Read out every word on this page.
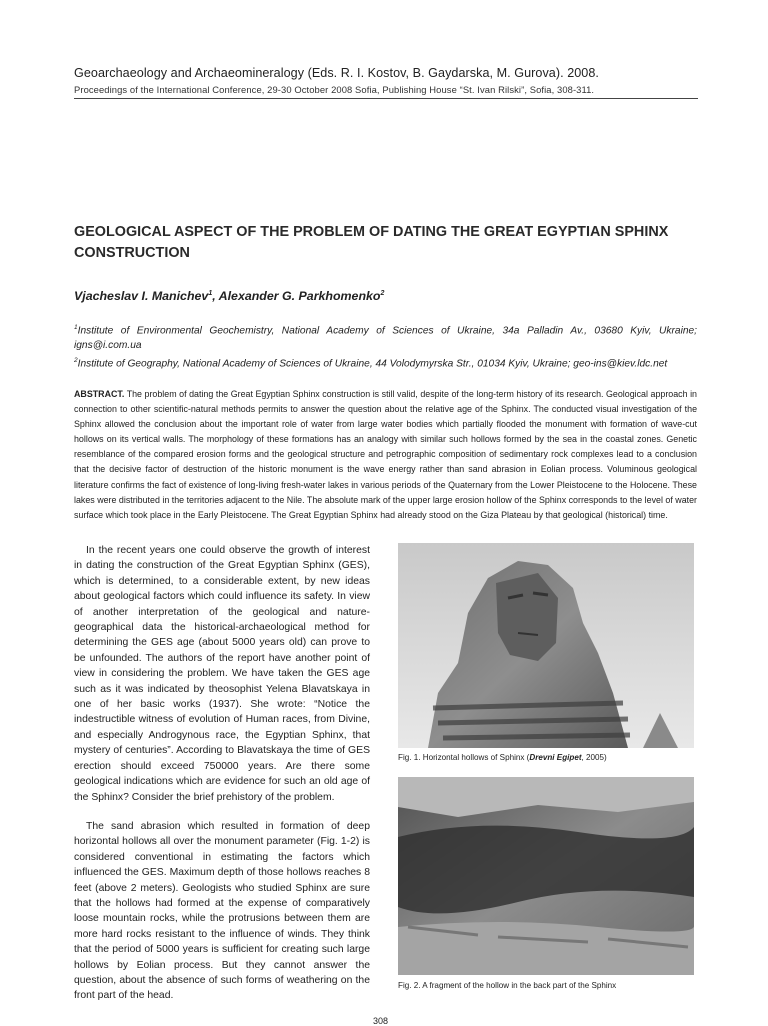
Geoarchaeology and Archaeomineralogy (Eds. R. I. Kostov, B. Gaydarska, M. Gurova). 2008.
Proceedings of the International Conference, 29-30 October 2008 Sofia, Publishing House “St. Ivan Rilski”, Sofia, 308-311.
GEOLOGICAL ASPECT OF THE PROBLEM OF DATING THE GREAT EGYPTIAN SPHINX CONSTRUCTION
Vjacheslav I. Manichev$^1$, Alexander G. Parkhomenko$^2$
$^1$Institute of Environmental Geochemistry, National Academy of Sciences of Ukraine, 34a Palladin Av., 03680 Kyiv, Ukraine; igns@i.com.ua
$^2$Institute of Geography, National Academy of Sciences of Ukraine, 44 Volodymyrska Str., 01034 Kyiv, Ukraine; geo-ins@kiev.ldc.net
ABSTRACT. The problem of dating the Great Egyptian Sphinx construction is still valid, despite of the long-term history of its research. Geological approach in connection to other scientific-natural methods permits to answer the question about the relative age of the Sphinx. The conducted visual investigation of the Sphinx allowed the conclusion about the important role of water from large water bodies which partially flooded the monument with formation of wave-cut hollows on its vertical walls. The morphology of these formations has an analogy with similar such hollows formed by the sea in the coastal zones. Genetic resemblance of the compared erosion forms and the geological structure and petrographic composition of sedimentary rock complexes lead to a conclusion that the decisive factor of destruction of the historic monument is the wave energy rather than sand abrasion in Eolian process. Voluminous geological literature confirms the fact of existence of long-living fresh-water lakes in various periods of the Quaternary from the Lower Pleistocene to the Holocene. These lakes were distributed in the territories adjacent to the Nile. The absolute mark of the upper large erosion hollow of the Sphinx corresponds to the level of water surface which took place in the Early Pleistocene. The Great Egyptian Sphinx had already stood on the Giza Plateau by that geological (historical) time.

In the recent years one could observe the growth of interest in dating the construction of the Great Egyptian Sphinx (GES), which is determined, to a considerable extent, by new ideas about geological factors which could influence its safety. In view of another interpretation of the geological and nature-geographical data the historical-archaeological method for determining the GES age (about 5000 years old) can prove to be unfounded. The authors of the report have another point of view in considering the problem. We have taken the GES age such as it was indicated by theosophist Yelena Blavatskaya in one of her basic works (1937). She wrote: “Notice the indestructible witness of evolution of Human races, from Divine, and especially Androgynous race, the Egyptian Sphinx, that mystery of centuries”. According to Blavatskaya the time of GES erection should exceed 750000 years. Are there some geological indications which are evidence for such an old age of the Sphinx? Consider the brief prehistory of the problem.

The sand abrasion which resulted in formation of deep horizontal hollows all over the monument parameter (Fig. 1-2) is considered conventional in estimating the factors which influenced the GES. Maximum depth of those hollows reaches 8 feet (above 2 meters). Geologists who studied Sphinx are sure that the hollows had formed at the expense of comparatively loose mountain rocks, while the protrusions between them are more hard rocks resistant to the influence of winds. They think that the period of 5000 years is sufficient for creating such large hollows by Eolian process. But they cannot answer the question, about the absence of such forms of weathering on the front part of the head.

Fig. 1. Horizontal hollows of Sphinx (Drevni Egipet, 2005)
Fig. 2. A fragment of the hollow in the back part of the Sphinx
308
